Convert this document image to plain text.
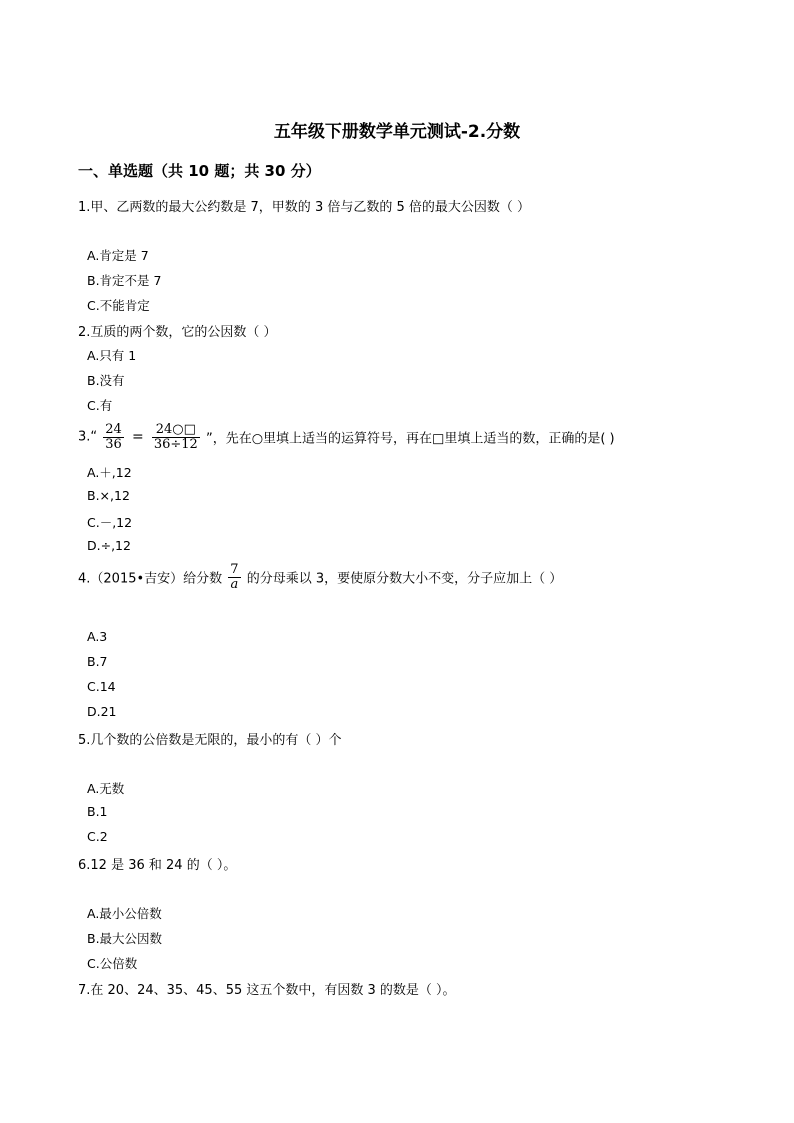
五年级下册数学单元测试-2.分数
一、单选题（共 10 题；共 30 分）
1.甲、乙两数的最大公约数是 7，甲数的 3 倍与乙数的 5 倍的最大公因数（ ）
A.肯定是 7
B.肯定不是 7
C.不能肯定
2.互质的两个数，它的公因数（ ）
A.只有 1
B.没有
C.有
3.“ $\frac{24}{36} = \frac{24○□}{36\div 12}$ ”，先在○里填上适当的运算符号，再在□里填上适当的数，正确的是( )
A.＋,12
B.×,12
C.－,12
D.÷,12
4.（2015•吉安）给分数 $\frac{7}{a}$ 的分母乘以 3，要使原分数大小不变，分子应加上（ ）
A.3
B.7
C.14
D.21
5.几个数的公倍数是无限的，最小的有（ ）个
A.无数
B.1
C.2
6.12 是 36 和 24 的（ ）。
A.最小公倍数
B.最大公因数
C.公倍数
7.在 20、24、35、45、55 这五个数中，有因数 3 的数是（ ）。
